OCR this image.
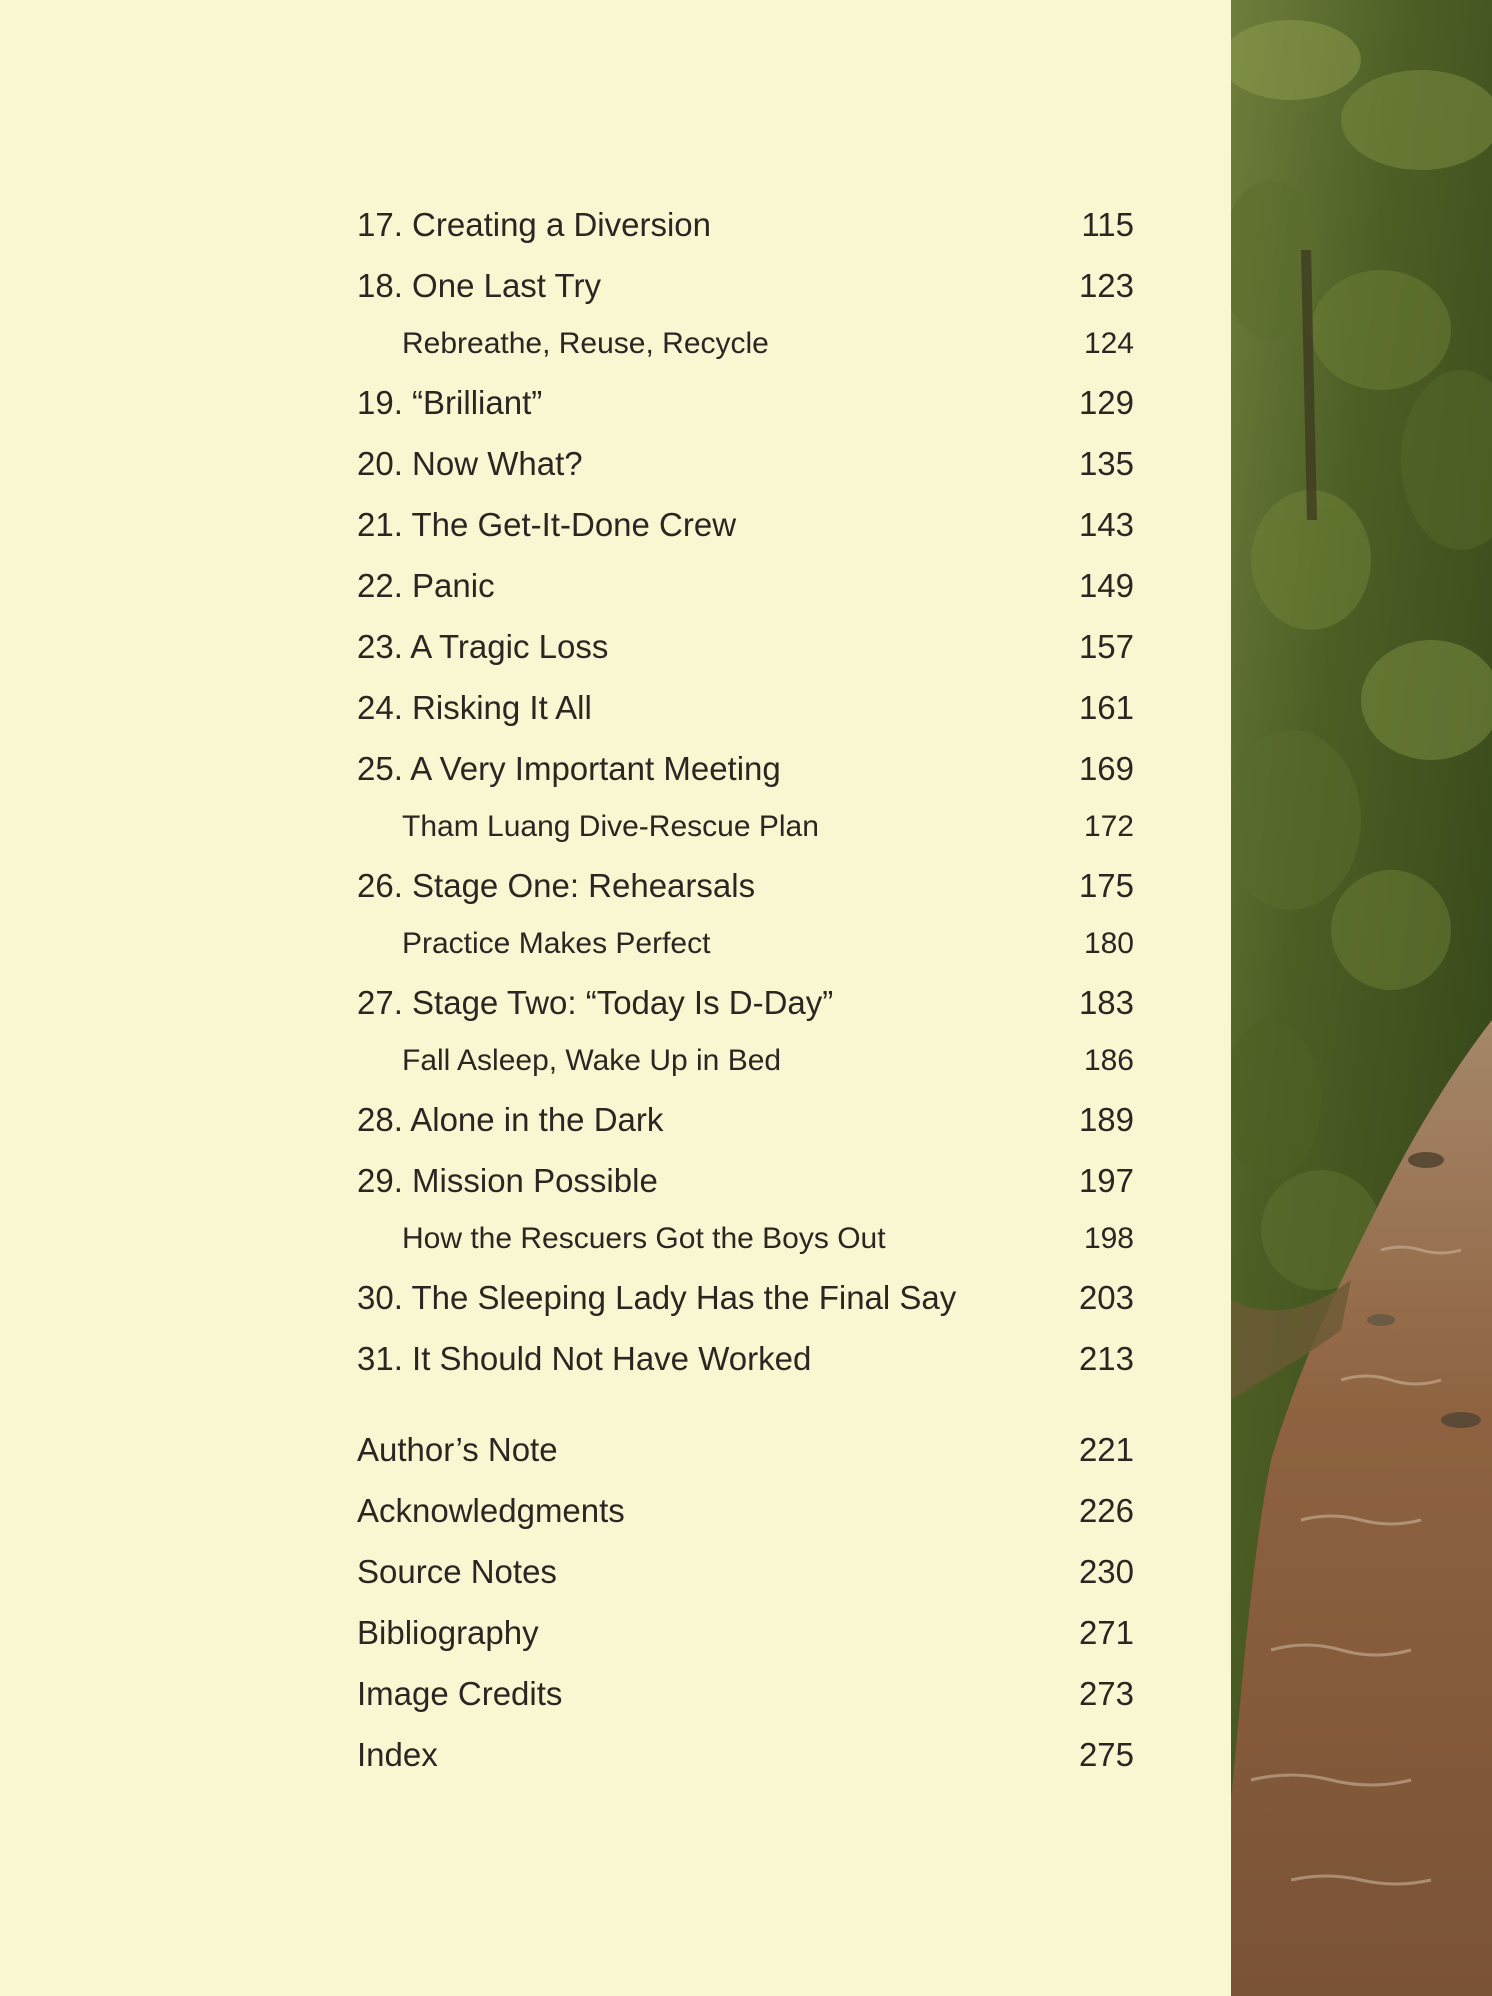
17. Creating a Diversion	115
18. One Last Try	123
Rebreathe, Reuse, Recycle	124
19. “Brilliant”	129
20. Now What?	135
21. The Get-It-Done Crew	143
22. Panic	149
23. A Tragic Loss	157
24. Risking It All	161
25. A Very Important Meeting	169
Tham Luang Dive-Rescue Plan	172
26. Stage One: Rehearsals	175
Practice Makes Perfect	180
27. Stage Two: “Today Is D-Day”	183
Fall Asleep, Wake Up in Bed	186
28. Alone in the Dark	189
29. Mission Possible	197
How the Rescuers Got the Boys Out	198
30. The Sleeping Lady Has the Final Say	203
31. It Should Not Have Worked	213
Author’s Note	221
Acknowledgments	226
Source Notes	230
Bibliography	271
Image Credits	273
Index	275
